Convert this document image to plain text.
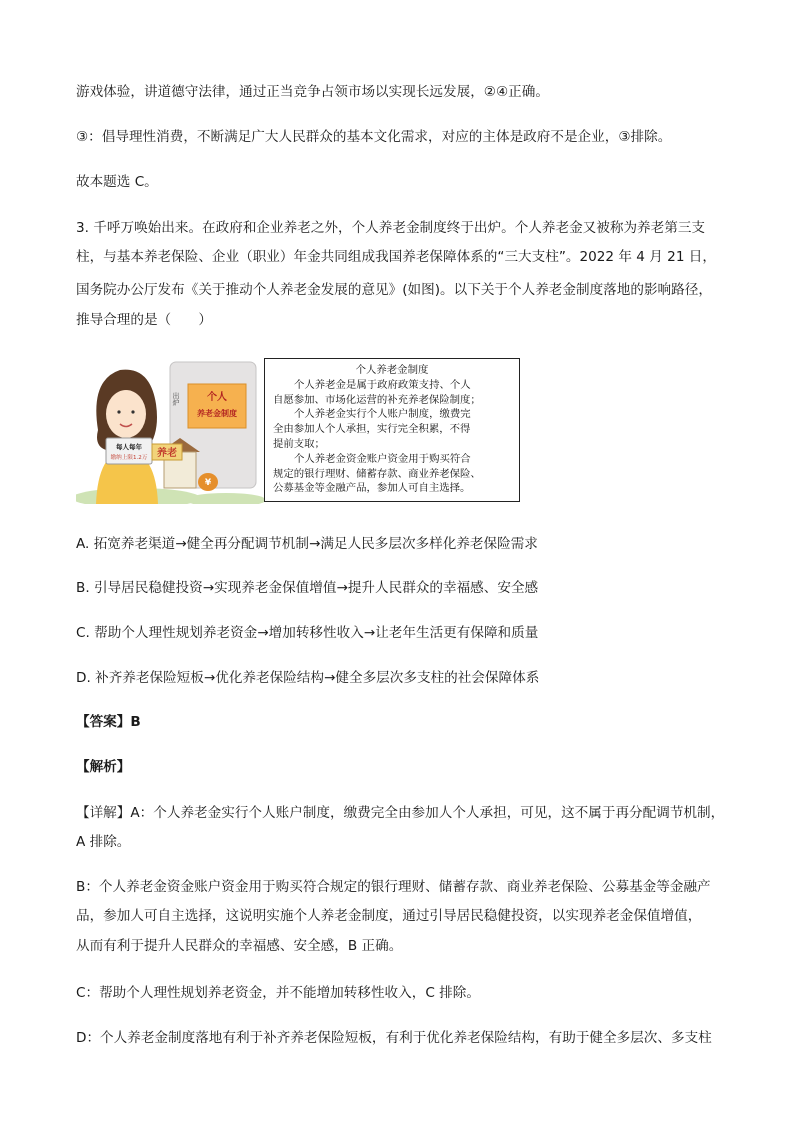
游戏体验，讲道德守法律，通过正当竞争占领市场以实现长远发展，②④正确。
③：倡导理性消费，不断满足广大人民群众的基本文化需求，对应的主体是政府不是企业，③排除。
故本题选 C。
3. 千呼万唤始出来。在政府和企业养老之外，个人养老金制度终于出炉。个人养老金又被称为养老第三支
柱，与基本养老保险、企业（职业）年金共同组成我国养老保障体系的“三大支柱”。2022 年 4 月 21 日，
国务院办公厅发布《关于推动个人养老金发展的意见》(如图)。以下关于个人养老金制度落地的影响路径，
推导合理的是（　　）
个人
养老金制度
出炉
每人每年
缴纳上限1.2万 养老
¥
个人养老金制度
个人养老金是属于政府政策支持、个人
自愿参加、市场化运营的补充养老保险制度；
个人养老金实行个人账户制度，缴费完
全由参加人个人承担，实行完全积累，不得
提前支取；
个人养老金资金账户资金用于购买符合
规定的银行理财、储蓄存款、商业养老保险、
公募基金等金融产品，参加人可自主选择。
A. 拓宽养老渠道→健全再分配调节机制→满足人民多层次多样化养老保险需求
B. 引导居民稳健投资→实现养老金保值增值→提升人民群众的幸福感、安全感
C. 帮助个人理性规划养老资金→增加转移性收入→让老年生活更有保障和质量
D. 补齐养老保险短板→优化养老保险结构→健全多层次多支柱的社会保障体系
【答案】B
【解析】
【详解】A：个人养老金实行个人账户制度，缴费完全由参加人个人承担，可见，这不属于再分配调节机制，
A 排除。
B：个人养老金资金账户资金用于购买符合规定的银行理财、储蓄存款、商业养老保险、公募基金等金融产
品，参加人可自主选择，这说明实施个人养老金制度，通过引导居民稳健投资，以实现养老金保值增值，
从而有利于提升人民群众的幸福感、安全感，B 正确。
C：帮助个人理性规划养老资金，并不能增加转移性收入，C 排除。
D：个人养老金制度落地有利于补齐养老保险短板，有利于优化养老保险结构，有助于健全多层次、多支柱
